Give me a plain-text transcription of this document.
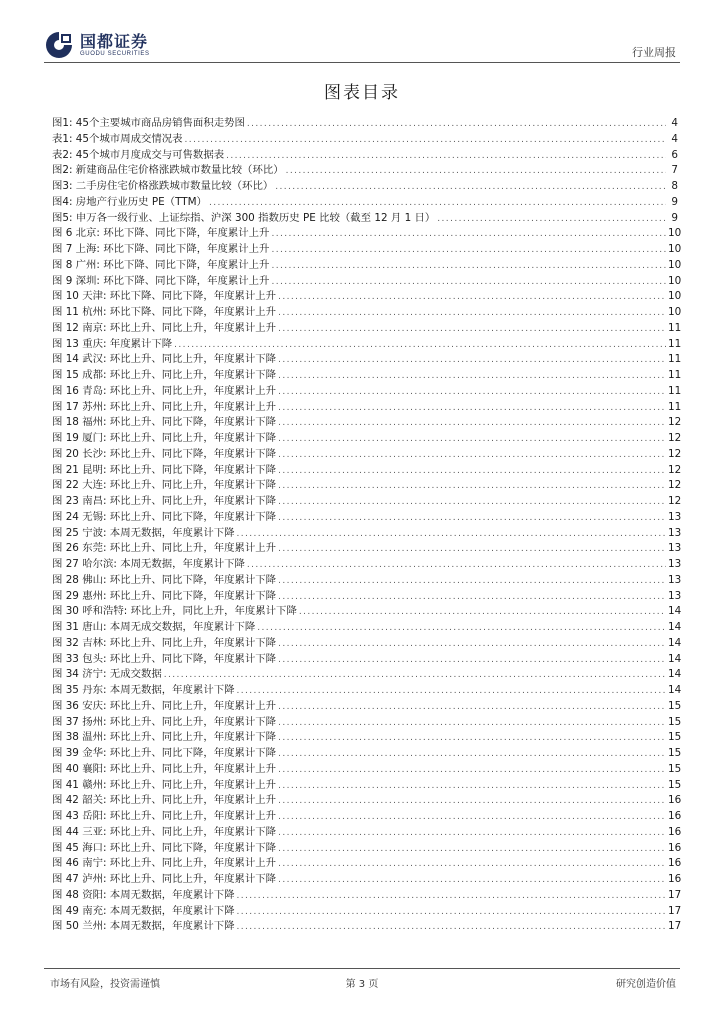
国都证券
GUODU SECURITIES	行业周报
图表目录
图1: 45个主要城市商品房销售面积走势图 .....	4
表1: 45个城市周成交情况表 .....	4
表2: 45个城市月度成交与可售数据表 .....	6
图2: 新建商品住宅价格涨跌城市数量比较（环比） .....	7
图3: 二手房住宅价格涨跌城市数量比较（环比） .....	8
图4: 房地产行业历史 PE（TTM） .....	9
图5: 申万各一级行业、上证综指、沪深 300 指数历史 PE 比较（截至 12 月 1 日） .....	9
图 6 北京: 环比下降、同比下降，年度累计上升 .....	10
图 7 上海: 环比下降、同比下降，年度累计上升 .....	10
图 8 广州: 环比下降、同比下降，年度累计上升 .....	10
图 9 深圳: 环比下降、同比下降，年度累计上升 .....	10
图 10 天津: 环比下降、同比下降，年度累计上升 .....	10
图 11 杭州: 环比下降、同比下降，年度累计上升 .....	10
图 12 南京: 环比上升、同比上升，年度累计上升 .....	11
图 13 重庆: 年度累计下降 .....	11
图 14 武汉: 环比上升、同比上升，年度累计下降 .....	11
图 15 成都: 环比上升、同比上升，年度累计下降 .....	11
图 16 青岛: 环比上升、同比上升，年度累计上升 .....	11
图 17 苏州: 环比上升、同比上升，年度累计上升 .....	11
图 18 福州: 环比上升、同比下降，年度累计下降 .....	12
图 19 厦门: 环比上升、同比上升，年度累计下降 .....	12
图 20 长沙: 环比上升、同比下降，年度累计下降 .....	12
图 21 昆明: 环比上升、同比下降，年度累计下降 .....	12
图 22 大连: 环比上升、同比上升，年度累计下降 .....	12
图 23 南昌: 环比上升、同比上升，年度累计下降 .....	12
图 24 无锡: 环比上升、同比下降，年度累计下降 .....	13
图 25 宁波: 本周无数据，年度累计下降 .....	13
图 26 东莞: 环比上升、同比上升，年度累计上升 .....	13
图 27 哈尔滨: 本周无数据，年度累计下降 .....	13
图 28 佛山: 环比上升、同比下降，年度累计下降 .....	13
图 29 惠州: 环比上升、同比下降，年度累计下降 .....	13
图 30 呼和浩特: 环比上升，同比上升，年度累计下降 .....	14
图 31 唐山: 本周无成交数据，年度累计下降 .....	14
图 32 吉林: 环比上升、同比上升，年度累计下降 .....	14
图 33 包头: 环比上升、同比下降，年度累计下降 .....	14
图 34 济宁: 无成交数据 .....	14
图 35 丹东: 本周无数据，年度累计下降 .....	14
图 36 安庆: 环比上升、同比上升，年度累计上升 .....	15
图 37 扬州: 环比上升、同比上升，年度累计下降 .....	15
图 38 温州: 环比上升、同比上升，年度累计下降 .....	15
图 39 金华: 环比上升、同比下降，年度累计下降 .....	15
图 40 襄阳: 环比上升、同比上升，年度累计上升 .....	15
图 41 赣州: 环比上升、同比上升，年度累计上升 .....	15
图 42 韶关: 环比上升、同比上升，年度累计上升 .....	16
图 43 岳阳: 环比上升、同比上升，年度累计上升 .....	16
图 44 三亚: 环比上升、同比上升，年度累计下降 .....	16
图 45 海口: 环比上升、同比下降，年度累计下降 .....	16
图 46 南宁: 环比上升、同比上升，年度累计上升 .....	16
图 47 泸州: 环比上升、同比上升，年度累计下降 .....	16
图 48 资阳: 本周无数据，年度累计下降 .....	17
图 49 南充: 本周无数据，年度累计下降 .....	17
图 50 兰州: 本周无数据，年度累计下降 .....	17
市场有风险，投资需谨慎	第 3 页	研究创造价值
